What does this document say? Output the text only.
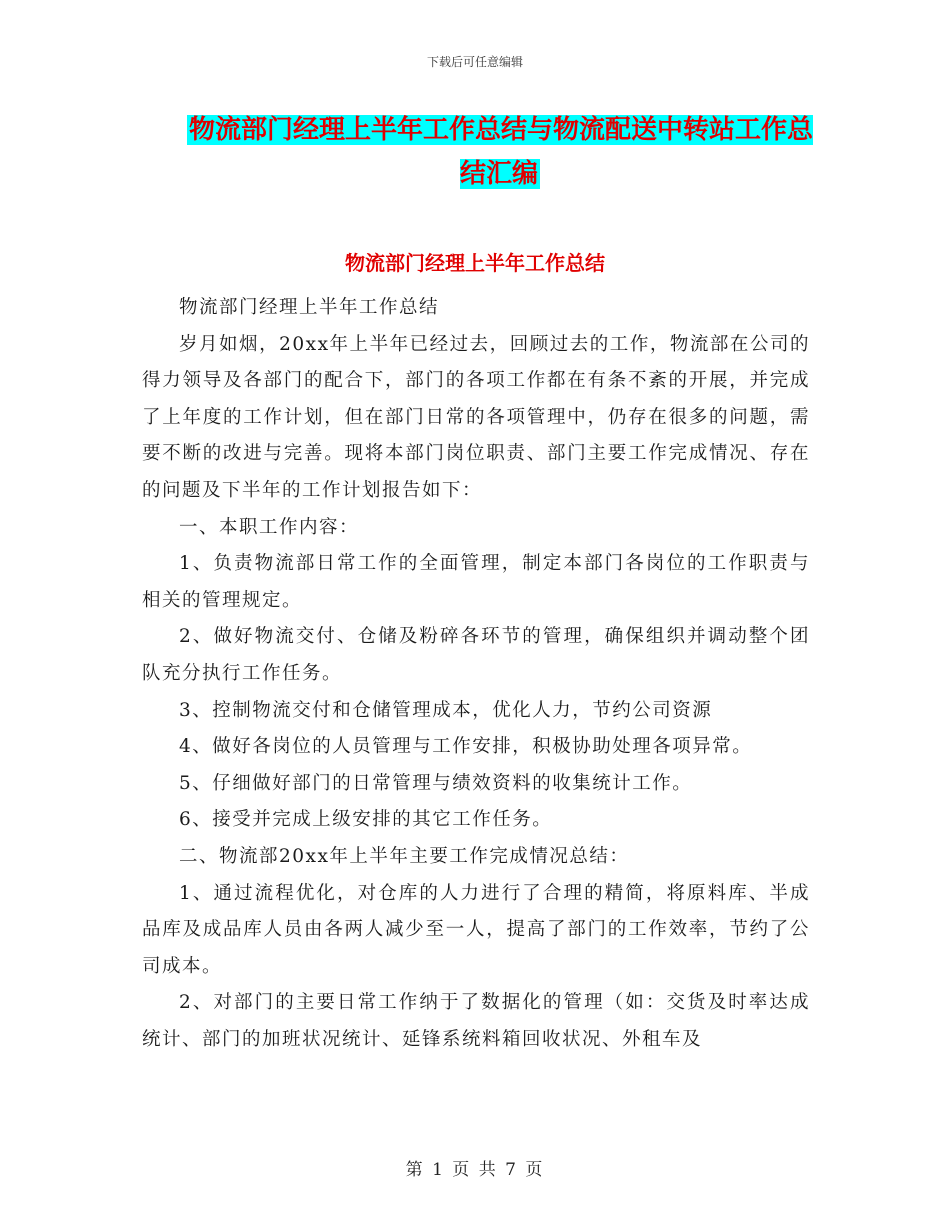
下载后可任意编辑
物流部门经理上半年工作总结与物流配送中转站工作总结汇编
物流部门经理上半年工作总结

物流部门经理上半年工作总结

岁月如烟，20xx年上半年已经过去，回顾过去的工作，物流部在公司的得力领导及各部门的配合下，部门的各项工作都在有条不紊的开展，并完成了上年度的工作计划，但在部门日常的各项管理中，仍存在很多的问题，需要不断的改进与完善。现将本部门岗位职责、部门主要工作完成情况、存在的问题及下半年的工作计划报告如下：

一、本职工作内容：

1、负责物流部日常工作的全面管理，制定本部门各岗位的工作职责与相关的管理规定。

2、做好物流交付、仓储及粉碎各环节的管理，确保组织并调动整个团队充分执行工作任务。

3、控制物流交付和仓储管理成本，优化人力，节约公司资源

4、做好各岗位的人员管理与工作安排，积极协助处理各项异常。

5、仔细做好部门的日常管理与绩效资料的收集统计工作。

6、接受并完成上级安排的其它工作任务。

二、物流部20xx年上半年主要工作完成情况总结：

1、通过流程优化，对仓库的人力进行了合理的精简，将原料库、半成品库及成品库人员由各两人减少至一人，提高了部门的工作效率，节约了公司成本。

2、对部门的主要日常工作纳于了数据化的管理（如：交货及时率达成统计、部门的加班状况统计、延锋系统料箱回收状况、外租车及

第 1 页 共 7 页
